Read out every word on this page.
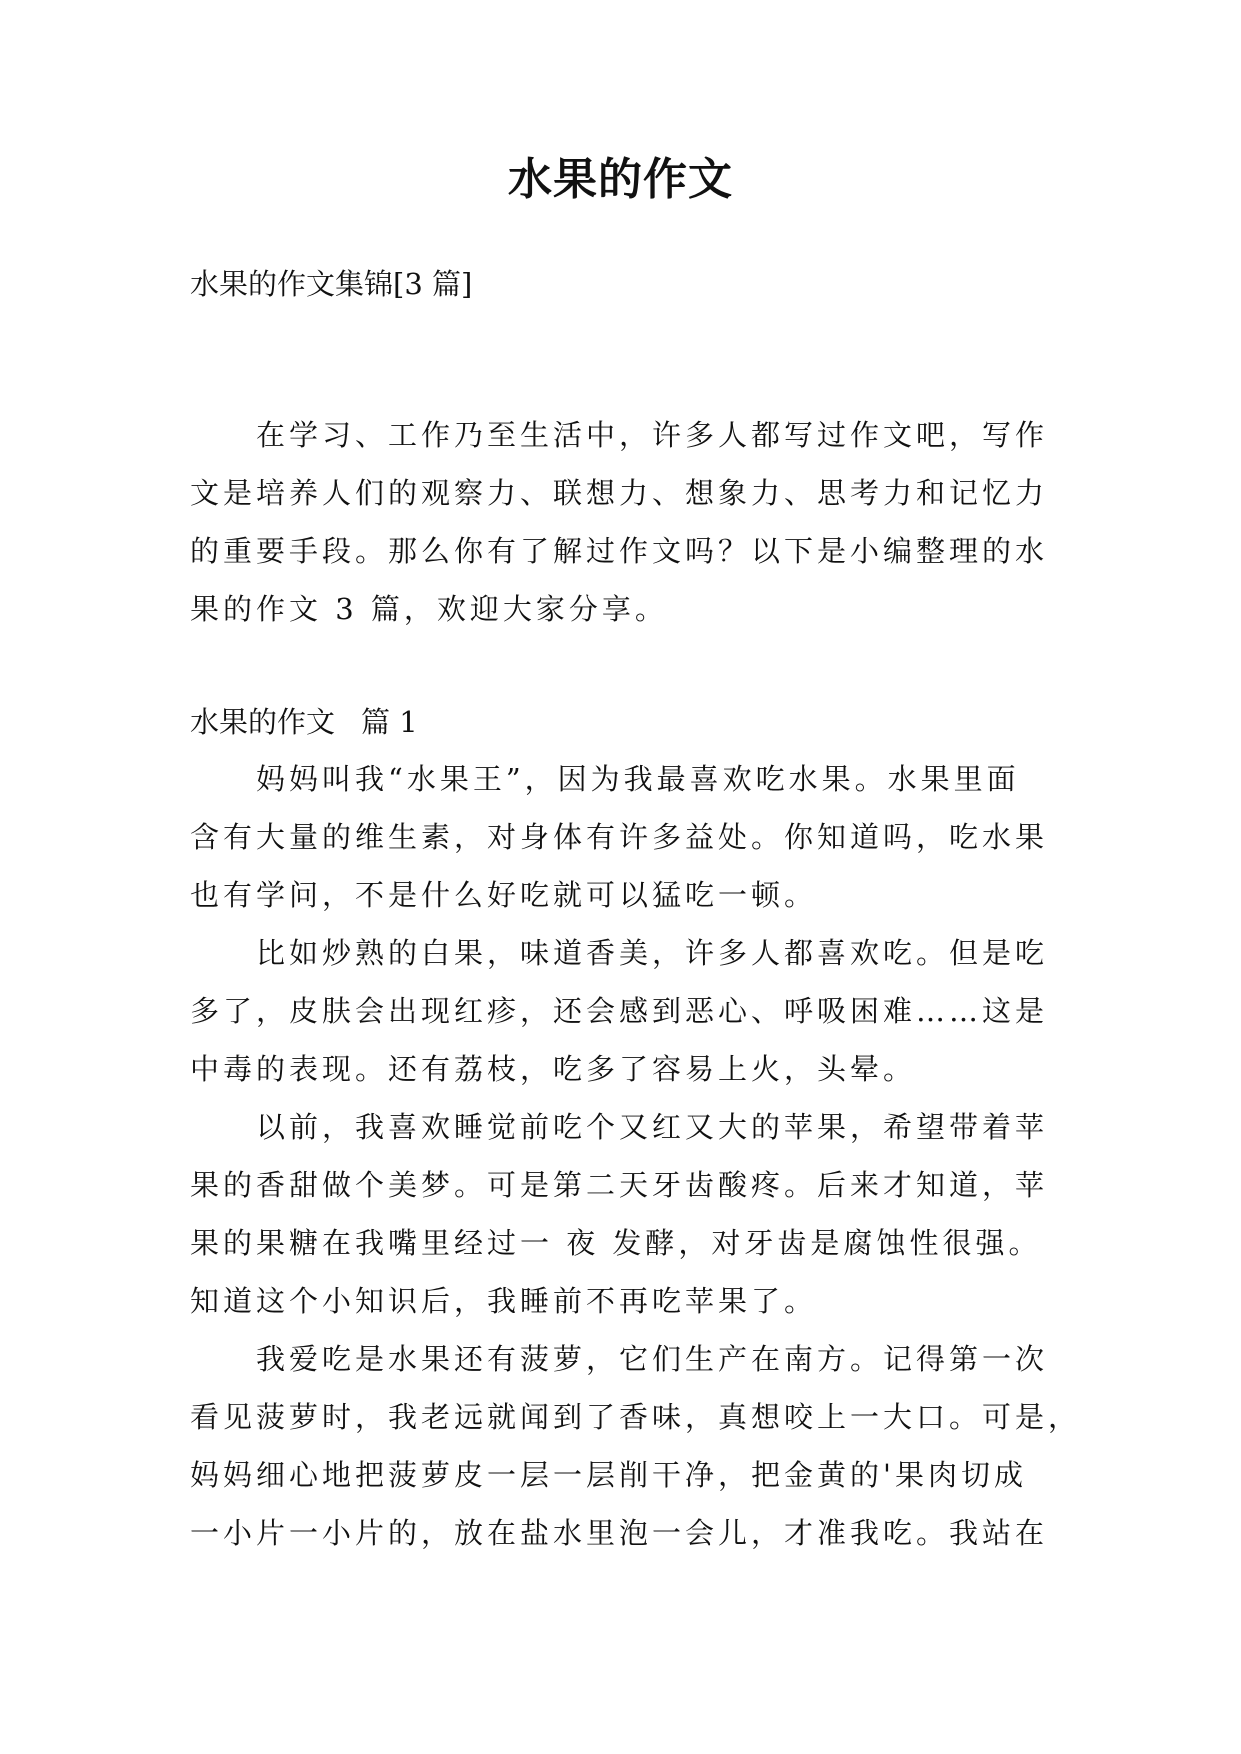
水果的作文
水果的作文集锦[3 篇]
在学习、工作乃至生活中，许多人都写过作文吧，写作
文是培养人们的观察力、联想力、想象力、思考力和记忆力
的重要手段。那么你有了解过作文吗？以下是小编整理的水
果的作文 3 篇，欢迎大家分享。
水果的作文 篇 1
妈妈叫我“水果王”，因为我最喜欢吃水果。水果里面
含有大量的维生素，对身体有许多益处。你知道吗，吃水果
也有学问，不是什么好吃就可以猛吃一顿。
比如炒熟的白果，味道香美，许多人都喜欢吃。但是吃
多了，皮肤会出现红疹，还会感到恶心、呼吸困难……这是
中毒的表现。还有荔枝，吃多了容易上火，头晕。
以前，我喜欢睡觉前吃个又红又大的苹果，希望带着苹
果的香甜做个美梦。可是第二天牙齿酸疼。后来才知道，苹
果的果糖在我嘴里经过一 夜 发酵，对牙齿是腐蚀性很强。
知道这个小知识后，我睡前不再吃苹果了。
我爱吃是水果还有菠萝，它们生产在南方。记得第一次
看见菠萝时，我老远就闻到了香味，真想咬上一大口。可是，
妈妈细心地把菠萝皮一层一层削干净，把金黄的'果肉切成
一小片一小片的，放在盐水里泡一会儿，才准我吃。我站在
